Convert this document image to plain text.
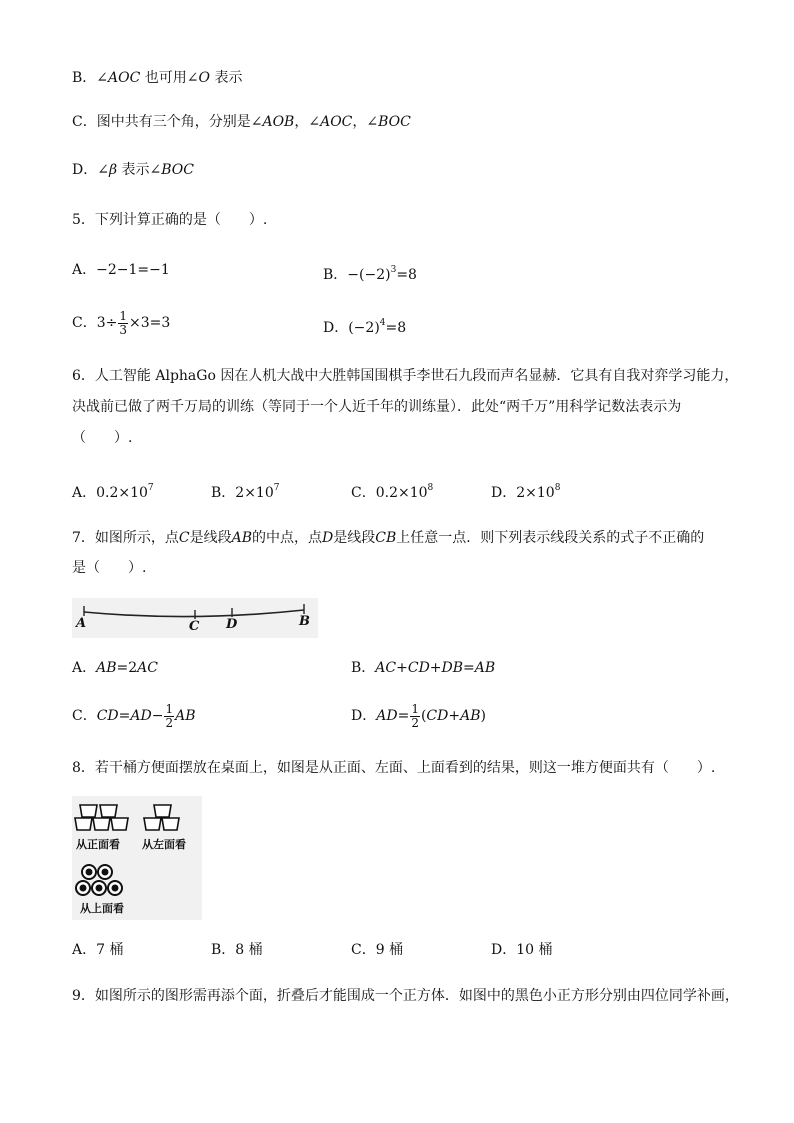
B．∠AOC 也可用∠O 表示
C．图中共有三个角，分别是∠AOB，∠AOC，∠BOC
D．∠β 表示∠BOC
5．下列计算正确的是（　　）.
A．−2−1=−1	B．$-(-2)^3=8$
C．$3\div \frac{1}{3} \times 3=3$	D．$(-2)^4=8$
6．人工智能 AlphaGo 因在人机大战中大胜韩国围棋手李世石九段而声名显赫．它具有自我对弈学习能力，
决战前已做了两千万局的训练（等同于一个人近千年的训练量）．此处“两千万”用科学记数法表示为
（　　）.
A．$0.2\times 10^7$	B．$2\times 10^7$	C．$0.2\times 10^8$	D．$2\times 10^8$
7．如图所示，点C是线段AB的中点，点D是线段CB上任意一点．则下列表示线段关系的式子不正确的
是（　　）.
A	C D	B
A．AB=2AC	B．AC+CD+DB=AB
C．$CD=AD- \frac{1}{2}$ AB	D．$AD= \frac{1}{2} (CD+AB)$
8．若干桶方便面摆放在桌面上，如图是从正面、左面、上面看到的结果，则这一堆方便面共有（　　）.
从正面看 从左面看
从上面看
A．7 桶	B．8 桶	C．9 桶	D．10 桶
9．如图所示的图形需再添个面，折叠后才能围成一个正方体．如图中的黑色小正方形分别由四位同学补画，
